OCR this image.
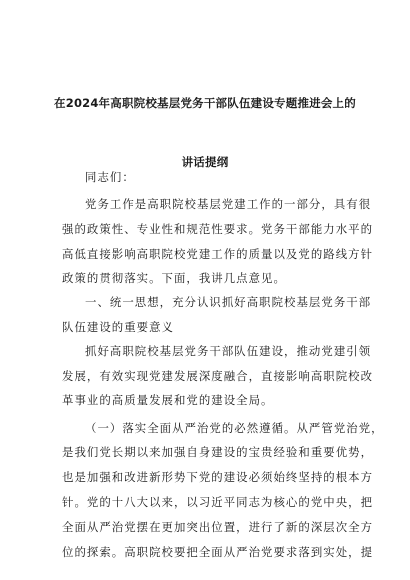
在2024年高职院校基层党务干部队伍建设专题推进会上的
讲话提纲
同志们：
党务工作是高职院校基层党建工作的一部分，具有很
强的政策性、专业性和规范性要求。党务干部能力水平的
高低直接影响高职院校党建工作的质量以及党的路线方针
政策的贯彻落实。下面，我讲几点意见。
一、统一思想，充分认识抓好高职院校基层党务干部
队伍建设的重要意义
抓好高职院校基层党务干部队伍建设，推动党建引领
发展，有效实现党建发展深度融合，直接影响高职院校改
革事业的高质量发展和党的建设全局。
（一）落实全面从严治党的必然遵循。从严管党治党，
是我们党长期以来加强自身建设的宝贵经验和重要优势，
也是加强和改进新形势下党的建设必须始终坚持的根本方
针。党的十八大以来，以习近平同志为核心的党中央，把
全面从严治党摆在更加突出位置，进行了新的深层次全方
位的探索。高职院校要把全面从严治党要求落到实处，提
